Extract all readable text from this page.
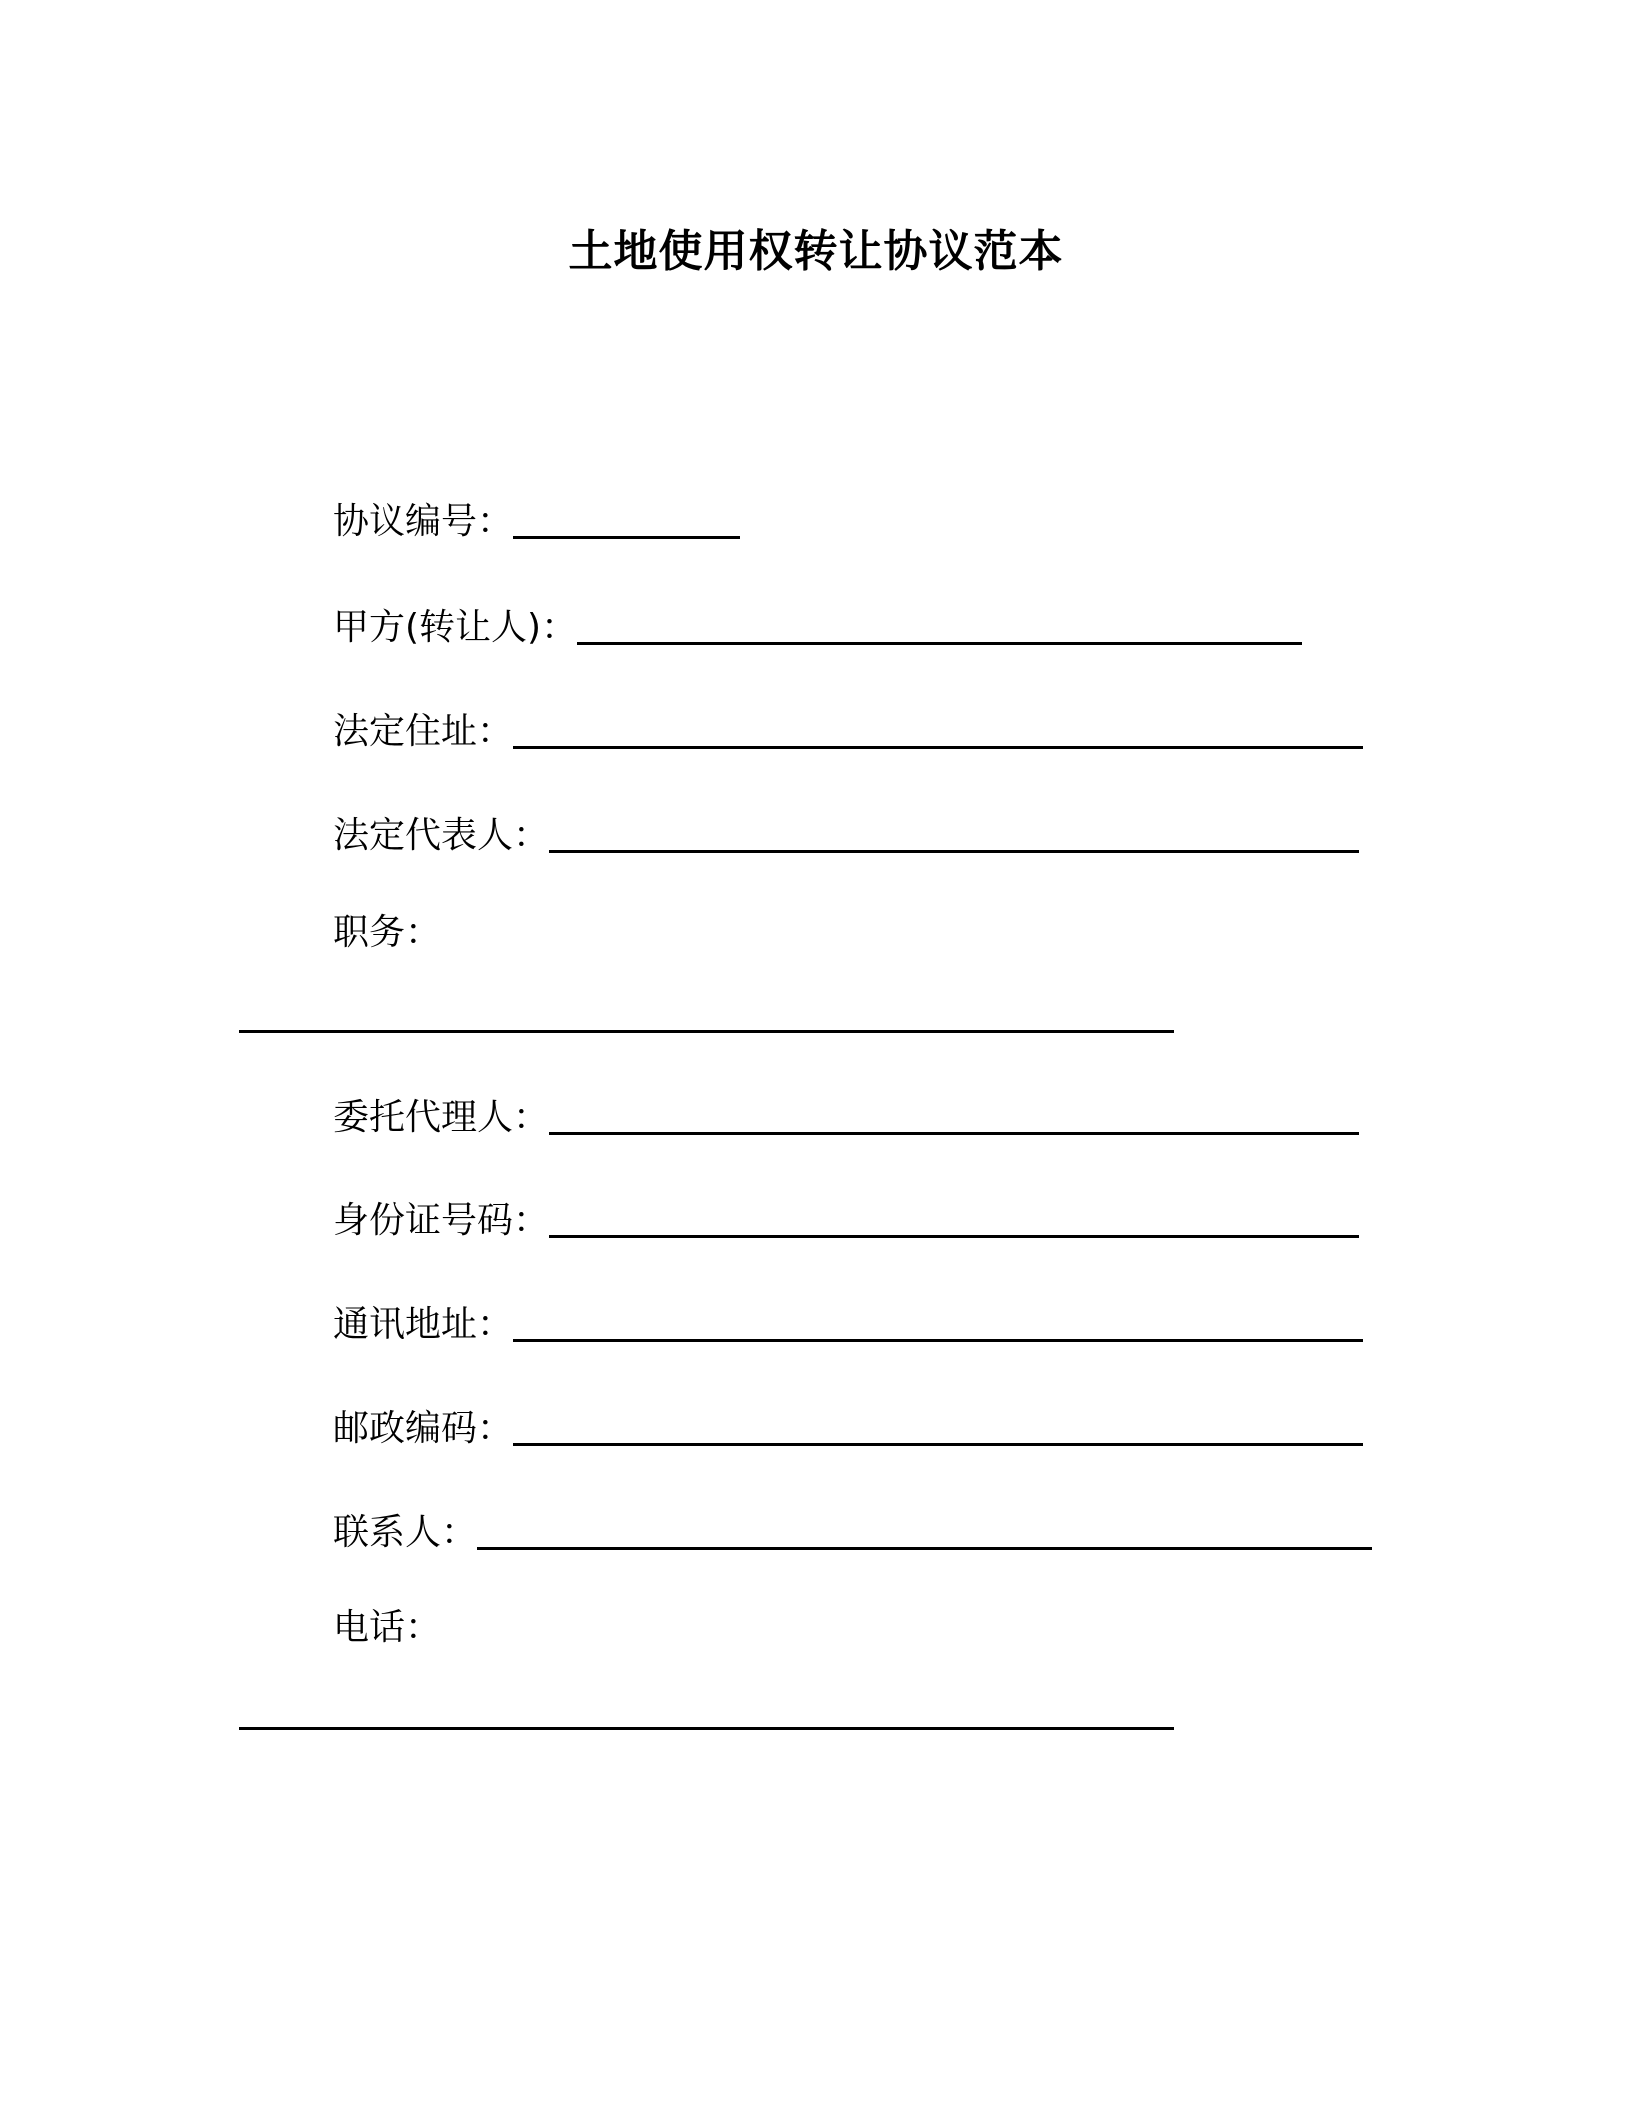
土地使用权转让协议范本
协议编号：
甲方(转让人)：
法定住址：
法定代表人：
职务：
委托代理人：
身份证号码：
通讯地址：
邮政编码：
联系人：
电话：
